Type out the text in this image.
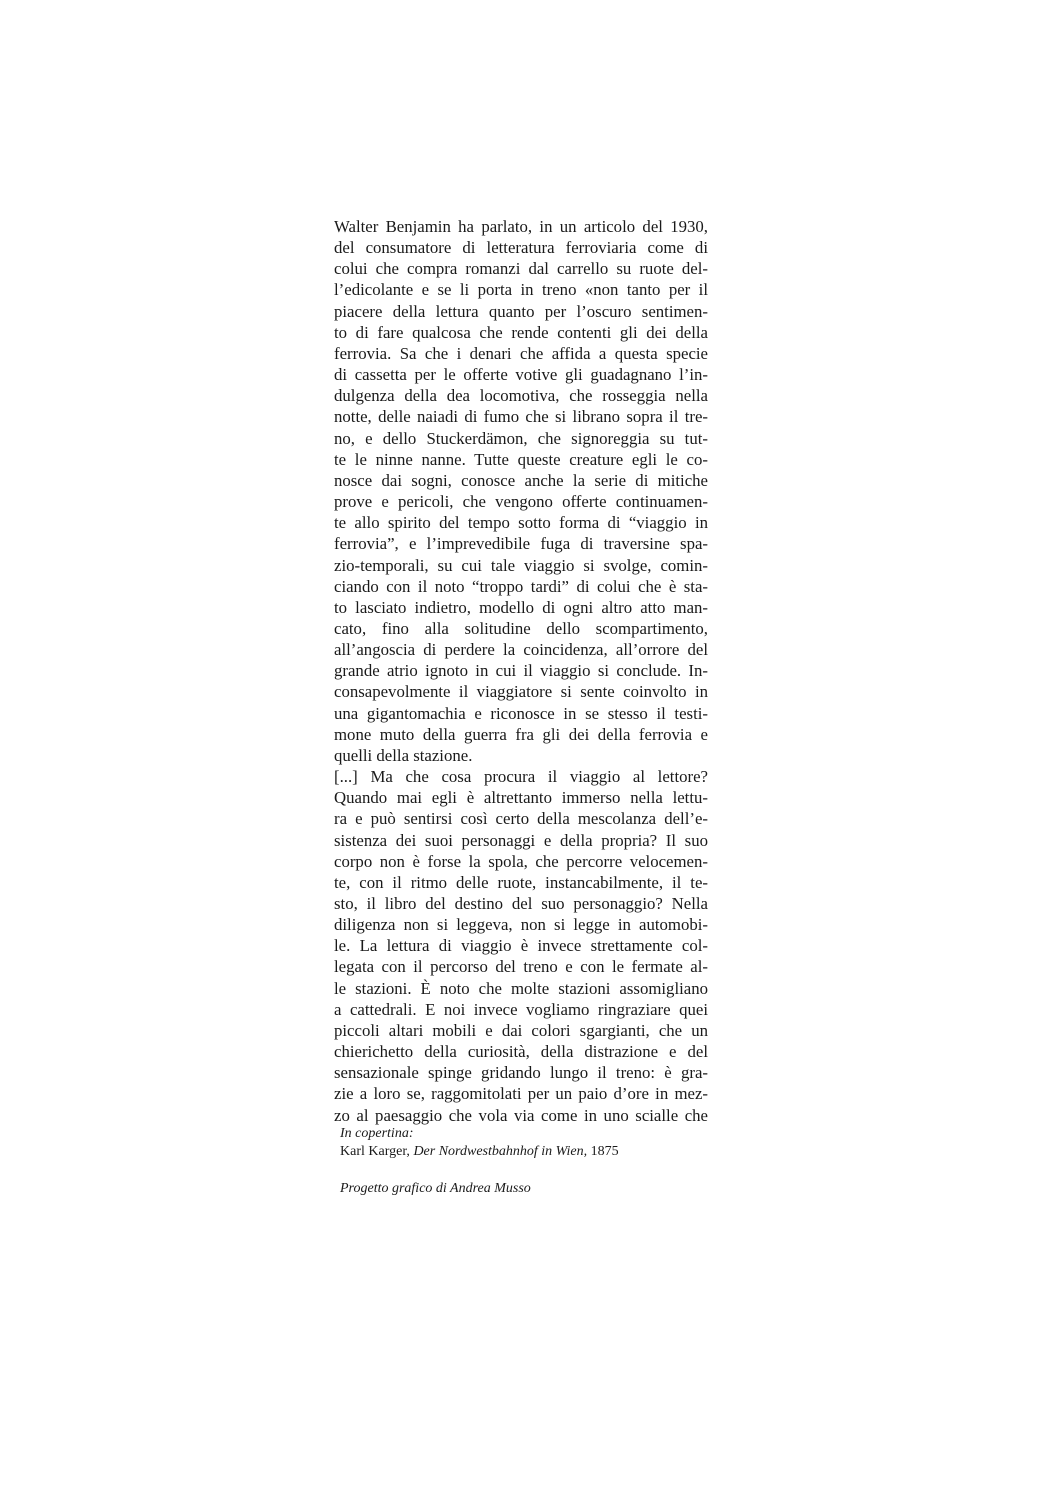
Walter Benjamin ha parlato, in un articolo del 1930,
del consumatore di letteratura ferroviaria come di
colui che compra romanzi dal carrello su ruote del-
l’edicolante e se li porta in treno «non tanto per il
piacere della lettura quanto per l’oscuro sentimen-
to di fare qualcosa che rende contenti gli dei della
ferrovia. Sa che i denari che affida a questa specie
di cassetta per le offerte votive gli guadagnano l’in-
dulgenza della dea locomotiva, che rosseggia nella
notte, delle naiadi di fumo che si librano sopra il tre-
no, e dello Stuckerdämon, che signoreggia su tut-
te le ninne nanne. Tutte queste creature egli le co-
nosce dai sogni, conosce anche la serie di mitiche
prove e pericoli, che vengono offerte continuamen-
te allo spirito del tempo sotto forma di “viaggio in
ferrovia”, e l’imprevedibile fuga di traversine spa-
zio-temporali, su cui tale viaggio si svolge, comin-
ciando con il noto “troppo tardi” di colui che è sta-
to lasciato indietro, modello di ogni altro atto man-
cato, fino alla solitudine dello scompartimento,
all’angoscia di perdere la coincidenza, all’orrore del
grande atrio ignoto in cui il viaggio si conclude. In-
consapevolmente il viaggiatore si sente coinvolto in
una gigantomachia e riconosce in se stesso il testi-
mone muto della guerra fra gli dei della ferrovia e
quelli della stazione.
[...] Ma che cosa procura il viaggio al lettore?
Quando mai egli è altrettanto immerso nella lettu-
ra e può sentirsi così certo della mescolanza dell’e-
sistenza dei suoi personaggi e della propria? Il suo
corpo non è forse la spola, che percorre velocemen-
te, con il ritmo delle ruote, instancabilmente, il te-
sto, il libro del destino del suo personaggio? Nella
diligenza non si leggeva, non si legge in automobi-
le. La lettura di viaggio è invece strettamente col-
legata con il percorso del treno e con le fermate al-
le stazioni. È noto che molte stazioni assomigliano
a cattedrali. E noi invece vogliamo ringraziare quei
piccoli altari mobili e dai colori sgargianti, che un
chierichetto della curiosità, della distrazione e del
sensazionale spinge gridando lungo il treno: è gra-
zie a loro se, raggomitolati per un paio d’ore in mez-
zo al paesaggio che vola via come in uno scialle che
In copertina:
Karl Karger, Der Nordwestbahnhof in Wien, 1875
Progetto grafico di Andrea Musso
